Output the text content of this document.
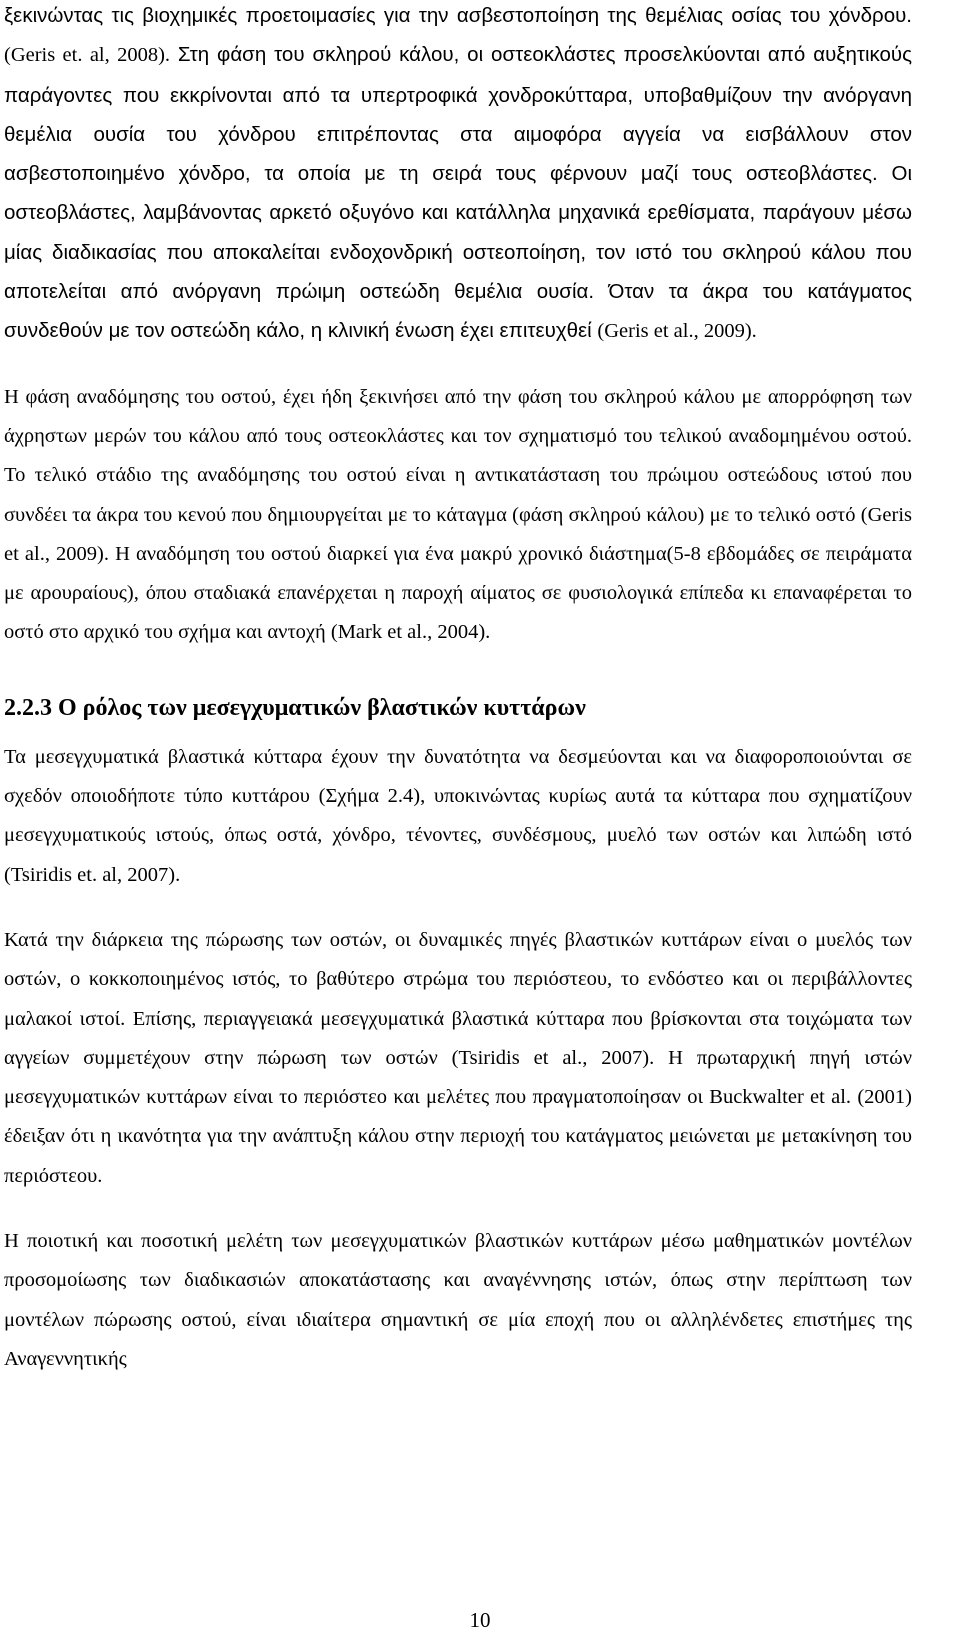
ξεκινώντας τις βιοχημικές προετοιμασίες για την ασβεστοποίηση της θεμέλιας οσίας του χόνδρου. (Geris et. al, 2008). Στη φάση του σκληρού κάλου, οι οστεοκλάστες προσελκύονται από αυξητικούς παράγοντες που εκκρίνονται από τα υπερτροφικά χονδροκύτταρα, υποβαθμίζουν την ανόργανη θεμέλια ουσία του χόνδρου επιτρέποντας στα αιμοφόρα αγγεία να εισβάλλουν στον ασβεστοποιημένο χόνδρο, τα οποία με τη σειρά τους φέρνουν μαζί τους οστεοβλάστες. Οι οστεοβλάστες, λαμβάνοντας αρκετό οξυγόνο και κατάλληλα μηχανικά ερεθίσματα, παράγουν μέσω μίας διαδικασίας που αποκαλείται ενδοχονδρική οστεοποίηση, τον ιστό του σκληρού κάλου που αποτελείται από ανόργανη πρώιμη οστεώδη θεμέλια ουσία. Όταν τα άκρα του κατάγματος συνδεθούν με τον οστεώδη κάλο, η κλινική ένωση έχει επιτευχθεί (Geris et al., 2009).

Η φάση αναδόμησης του οστού, έχει ήδη ξεκινήσει από την φάση του σκληρού κάλου με απορρόφηση των άχρηστων μερών του κάλου από τους οστεοκλάστες και τον σχηματισμό του τελικού αναδομημένου οστού. Το τελικό στάδιο της αναδόμησης του οστού είναι η αντικατάσταση του πρώιμου οστεώδους ιστού που συνδέει τα άκρα του κενού που δημιουργείται με το κάταγμα (φάση σκληρού κάλου) με το τελικό οστό (Geris et al., 2009). Η αναδόμηση του οστού διαρκεί για ένα μακρύ χρονικό διάστημα(5-8 εβδομάδες σε πειράματα με αρουραίους), όπου σταδιακά επανέρχεται η παροχή αίματος σε φυσιολογικά επίπεδα κι επαναφέρεται το οστό στο αρχικό του σχήμα και αντοχή (Mark et al., 2004).

2.2.3 Ο ρόλος των μεσεγχυματικών βλαστικών κυττάρων

Τα μεσεγχυματικά βλαστικά κύτταρα έχουν την δυνατότητα να δεσμεύονται και να διαφοροποιούνται σε σχεδόν οποιοδήποτε τύπο κυττάρου (Σχήμα 2.4), υποκινώντας κυρίως αυτά τα κύτταρα που σχηματίζουν μεσεγχυματικούς ιστούς, όπως οστά, χόνδρο, τένοντες, συνδέσμους, μυελό των οστών και λιπώδη ιστό (Tsiridis et. al, 2007).

Κατά την διάρκεια της πώρωσης των οστών, οι δυναμικές πηγές βλαστικών κυττάρων είναι ο μυελός των οστών, ο κοκκοποιημένος ιστός, το βαθύτερο στρώμα του περιόστεου, το ενδόστεο και οι περιβάλλοντες μαλακοί ιστοί. Επίσης, περιαγγειακά μεσεγχυματικά βλαστικά κύτταρα που βρίσκονται στα τοιχώματα των αγγείων συμμετέχουν στην πώρωση των οστών (Tsiridis et al., 2007). Η πρωταρχική πηγή ιστών μεσεγχυματικών κυττάρων είναι το περιόστεο και μελέτες που πραγματοποίησαν οι Buckwalter et al. (2001) έδειξαν ότι η ικανότητα για την ανάπτυξη κάλου στην περιοχή του κατάγματος μειώνεται με μετακίνηση του περιόστεου.

Η ποιοτική και ποσοτική μελέτη των μεσεγχυματικών βλαστικών κυττάρων μέσω μαθηματικών μοντέλων προσομοίωσης των διαδικασιών αποκατάστασης και αναγέννησης ιστών, όπως στην περίπτωση των μοντέλων πώρωσης οστού, είναι ιδιαίτερα σημαντική σε μία εποχή που οι αλληλένδετες επιστήμες της Αναγεννητικής

10
